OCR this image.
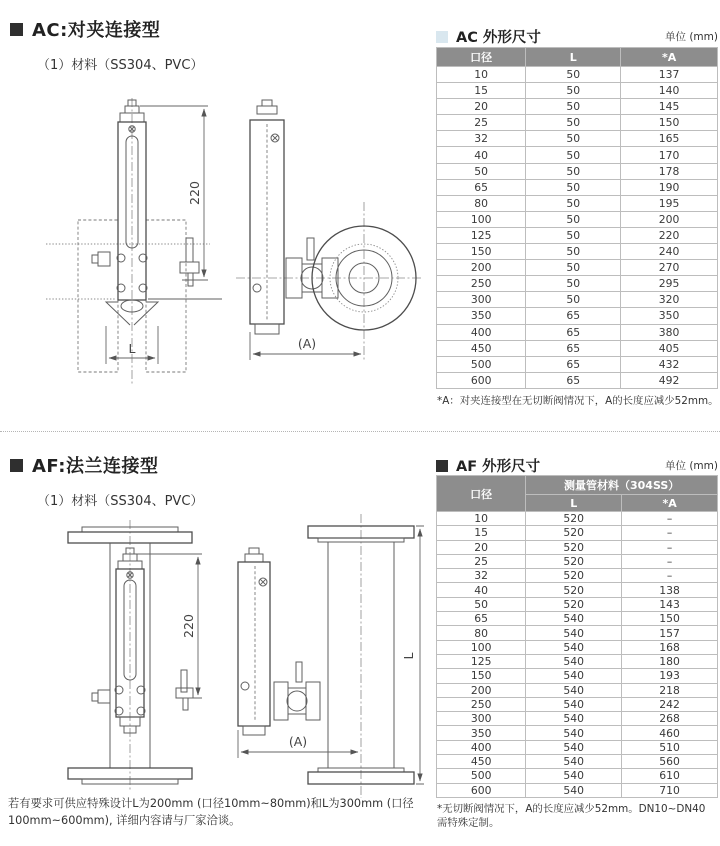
AC:对夹连接型
（1）材料（SS304、PVC）
220
L	(A)
AC 外形尺寸	单位 (mm)
口径	L	*A
10	50	137
15	50	140
20	50	145
25	50	150
32	50	165
40	50	170
50	50	178
65	50	190
80	50	195
100	50	200
125	50	220
150	50	240
200	50	270
250	50	295
300	50	320
350	65	350
400	65	380
450	65	405
500	65	432
600	65	492
*A：对夹连接型在无切断阀情况下，A的长度应减少52mm。
AF:法兰连接型
（1）材料（SS304、PVC）
220
L
(A)
若有要求可供应特殊设计L为200mm (口径10mm~80mm)和L为300mm (口径100mm~600mm), 详细内容请与厂家洽谈。
AF 外形尺寸	单位 (mm)
口径	测量管材料（304SS）	
	L	*A
10	520	–
15	520	–
20	520	–
25	520	–
32	520	–
40	520	138
50	520	143
65	540	150
80	540	157
100	540	168
125	540	180
150	540	193
200	540	218
250	540	242
300	540	268
350	540	460
400	540	510
450	540	560
500	540	610
600	540	710
*无切断阀情况下，A的长度应减少52mm。DN10~DN40需特殊定制。
